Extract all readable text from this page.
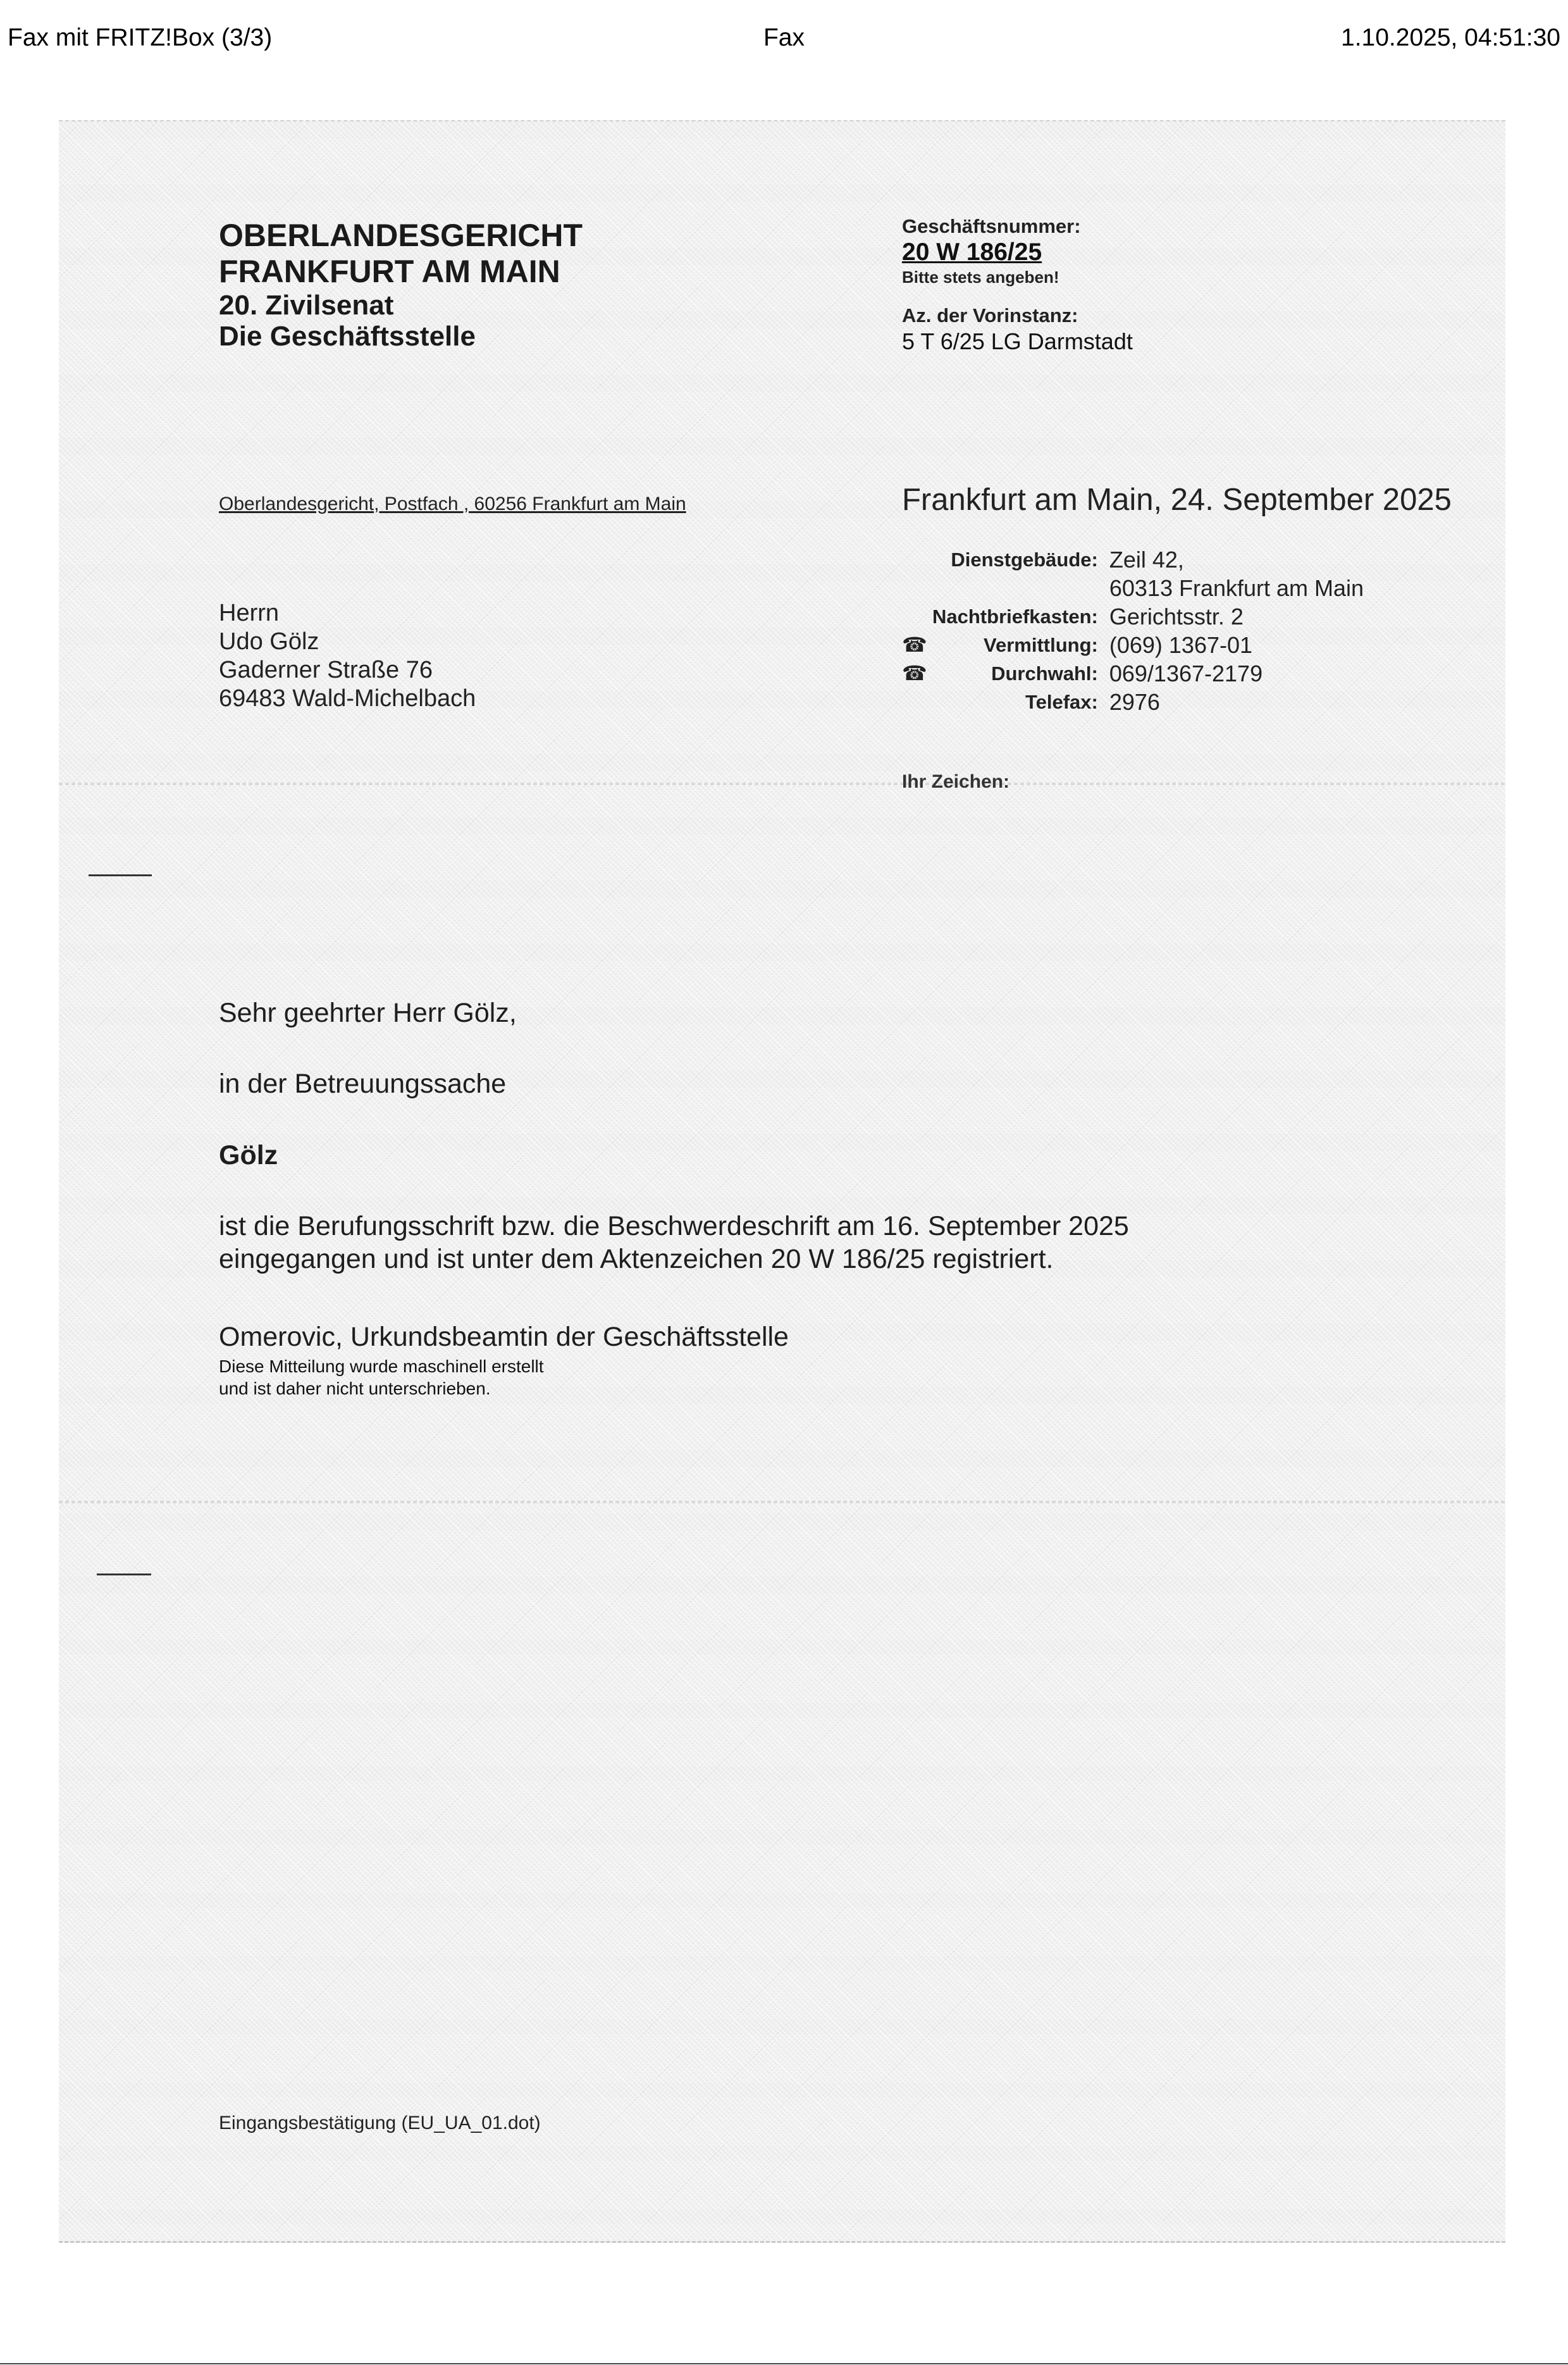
Fax mit FRITZ!Box (3/3)	Fax	1.10.2025, 04:51:30
OBERLANDESGERICHT
FRANKFURT AM MAIN
20. Zivilsenat
Die Geschäftsstelle
Geschäftsnummer:
20 W 186/25
Bitte stets angeben!
Az. der Vorinstanz:
5 T 6/25 LG Darmstadt
Oberlandesgericht, Postfach , 60256 Frankfurt am Main	Frankfurt am Main, 24. September 2025
Herrn
Udo Gölz
Gaderner Straße 76
69483 Wald-Michelbach
	Dienstgebäude:	Zeil 42,
		60313 Frankfurt am Main
	Nachtbriefkasten:	Gerichtsstr. 2
☎	Vermittlung:	(069) 1367-01
☎	Durchwahl:	069/1367-2179
	Telefax:	2976
Ihr Zeichen:
Sehr geehrter Herr Gölz,
in der Betreuungssache
Gölz
ist die Berufungsschrift bzw. die Beschwerdeschrift am 16. September 2025
eingegangen und ist unter dem Aktenzeichen 20 W 186/25 registriert.
Omerovic, Urkundsbeamtin der Geschäftsstelle
Diese Mitteilung wurde maschinell erstellt
und ist daher nicht unterschrieben.
Eingangsbestätigung (EU_UA_01.dot)
